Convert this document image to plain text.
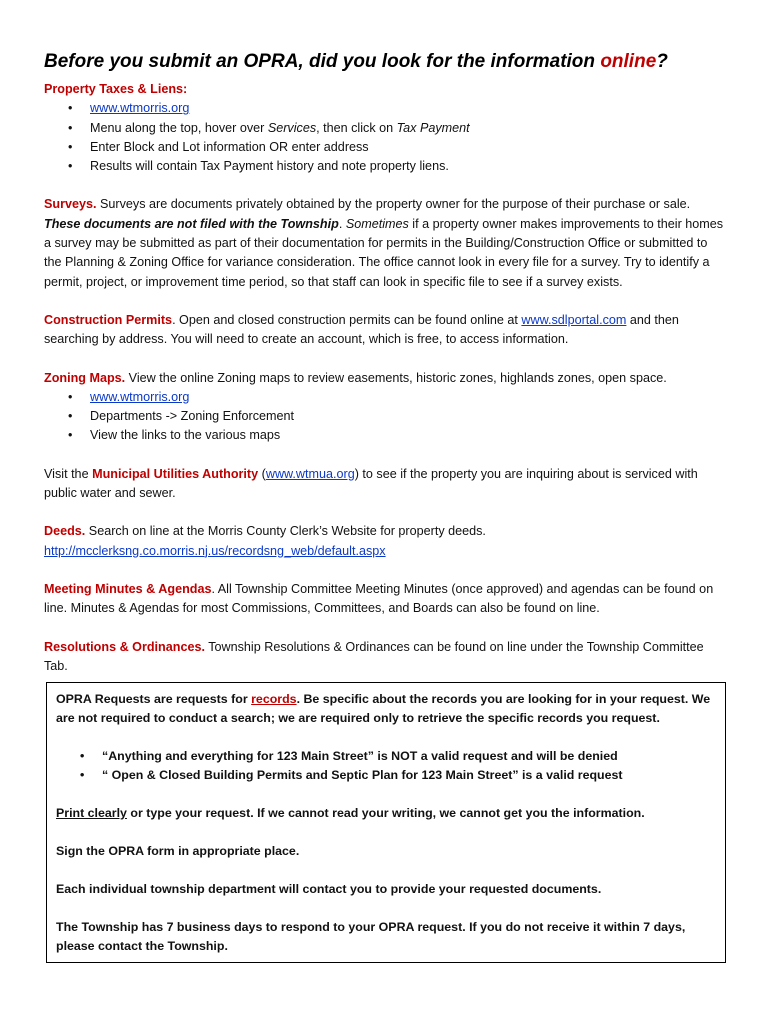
Before you submit an OPRA, did you look for the information online?
Property Taxes & Liens:
• www.wtmorris.org
• Menu along the top, hover over Services, then click on Tax Payment
• Enter Block and Lot information OR enter address
• Results will contain Tax Payment history and note property liens.

Surveys. Surveys are documents privately obtained by the property owner for the purpose of their purchase or sale. These documents are not filed with the Township. Sometimes if a property owner makes improvements to their homes a survey may be submitted as part of their documentation for permits in the Building/Construction Office or submitted to the Planning & Zoning Office for variance consideration. The office cannot look in every file for a survey. Try to identify a permit, project, or improvement time period, so that staff can look in specific file to see if a survey exists.

Construction Permits. Open and closed construction permits can be found online at www.sdlportal.com and then searching by address. You will need to create an account, which is free, to access information.

Zoning Maps. View the online Zoning maps to review easements, historic zones, highlands zones, open space.
• www.wtmorris.org
• Departments -> Zoning Enforcement
• View the links to the various maps

Visit the Municipal Utilities Authority (www.wtmua.org) to see if the property you are inquiring about is serviced with public water and sewer.

Deeds. Search on line at the Morris County Clerk’s Website for property deeds.
http://mcclerksng.co.morris.nj.us/recordsng_web/default.aspx

Meeting Minutes & Agendas. All Township Committee Meeting Minutes (once approved) and agendas can be found on line. Minutes & Agendas for most Commissions, Committees, and Boards can also be found on line.

Resolutions & Ordinances. Township Resolutions & Ordinances can be found on line under the Township Committee Tab.

OPRA Requests are requests for records. Be specific about the records you are looking for in your request. We are not required to conduct a search; we are required only to retrieve the specific records you request.

• “Anything and everything for 123 Main Street” is NOT a valid request and will be denied
• “ Open & Closed Building Permits and Septic Plan for 123 Main Street” is a valid request

Print clearly or type your request. If we cannot read your writing, we cannot get you the information.

Sign the OPRA form in appropriate place.

Each individual township department will contact you to provide your requested documents.

The Township has 7 business days to respond to your OPRA request. If you do not receive it within 7 days, please contact the Township.
